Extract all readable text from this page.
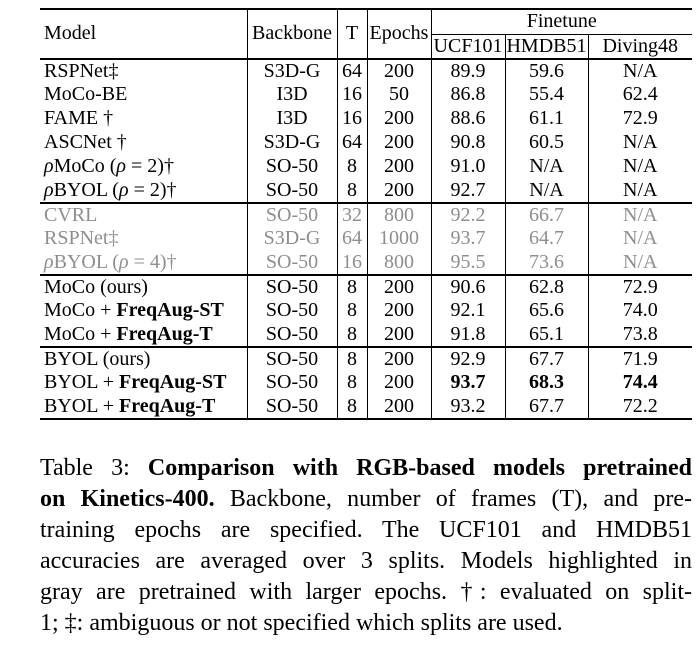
Model	Backbone	T	Epochs	Finetune		
				UCF101	HMDB51	Diving48
RSPNet‡	S3D-G	64	200	89.9	59.6	N/A
MoCo-BE	I3D	16	50	86.8	55.4	62.4
FAME †	I3D	16	200	88.6	61.1	72.9
ASCNet †	S3D-G	64	200	90.8	60.5	N/A
ρMoCo (ρ = 2)†	SO-50	8	200	91.0	N/A	N/A
ρBYOL (ρ = 2)†	SO-50	8	200	92.7	N/A	N/A
CVRL	SO-50	32	800	92.2	66.7	N/A
RSPNet‡	S3D-G	64	1000	93.7	64.7	N/A
ρBYOL (ρ = 4)†	SO-50	16	800	95.5	73.6	N/A
MoCo (ours)	SO-50	8	200	90.6	62.8	72.9
MoCo + FreqAug-ST	SO-50	8	200	92.1	65.6	74.0
MoCo + FreqAug-T	SO-50	8	200	91.8	65.1	73.8
BYOL (ours)	SO-50	8	200	92.9	67.7	71.9
BYOL + FreqAug-ST	SO-50	8	200	93.7	68.3	74.4
BYOL + FreqAug-T	SO-50	8	200	93.2	67.7	72.2
Table 3: Comparison with RGB-based models pretrained
on Kinetics-400. Backbone, number of frames (T), and pre-
training epochs are specified. The UCF101 and HMDB51
accuracies are averaged over 3 splits. Models highlighted in
gray are pretrained with larger epochs. †: evaluated on split-
1; ‡: ambiguous or not specified which splits are used.
